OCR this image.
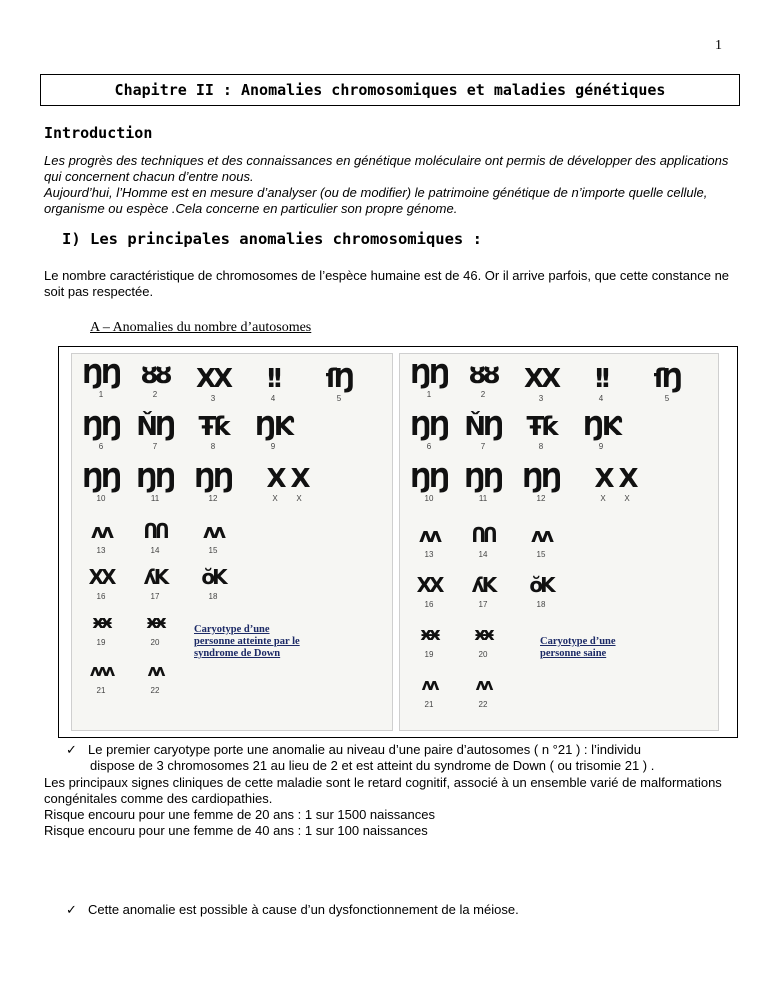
1
Chapitre II : Anomalies chromosomiques et maladies génétiques
Introduction

Les progrès des techniques et des connaissances en génétique moléculaire ont permis de développer des applications qui concernent chacun d’entre nous.

Aujourd’hui, l’Homme est en mesure d’analyser (ou de modifier) le patrimoine génétique de n’importe quelle cellule, organisme ou espèce .Cela concerne en particulier son propre génome.

I) Les principales anomalies chromosomiques :
Le nombre caractéristique de chromosomes de l’espèce humaine est de 46. Or il arrive parfois, que cette constance ne soit pas respectée.
A – Anomalies du nombre d’autosomes
ŊŊ
1
ȣȣ
2
XX
3
ǃǃ
4
ſŊ
5
ŊŊ
6
ŇŊ
7
Ŧƙ
8
ŊƘ
9
ŊŊ
10
ŊŊ
11
ŊŊ
12
X
X
X
X
ʌʌ
13
ՈՈ
14
ʌʌ
15
XX
16
ʎK
17
ŏK
18
ӿӿ
19
ӿӿ
20
Caryotype d’une
personne atteinte par le
syndrome de Down
ʌʌʌ
21
ʌʌ
22
ŊŊ
1
ȣȣ
2
XX
3
ǃǃ
4
ſŊ
5
ŊŊ
6
ŇŊ
7
Ŧƙ
8
ŊƘ
9
ŊŊ
10
ŊŊ
11
ŊŊ
12
X
X
X
X
ʌʌ
13
ՈՈ
14
ʌʌ
15
XX
16
ʎK
17
ŏK
18
ӿӿ
19
ӿӿ
20
Caryotype d’une
personne saine
ʌʌ
21
ʌʌ
22
✓ Le premier caryotype porte une anomalie au niveau d’une paire d’autosomes ( n °21 ) : l’individu
dispose de 3 chromosomes 21 au lieu de 2 et est atteint du syndrome de Down ( ou trisomie 21 ) .

Les principaux signes cliniques de cette maladie sont le retard cognitif, associé à un ensemble varié de malformations congénitales comme des cardiopathies.

Risque encouru pour une femme de 20 ans : 1 sur 1500 naissances

Risque encouru pour une femme de 40 ans : 1 sur 100 naissances

✓ Cette anomalie est possible à cause d’un dysfonctionnement de la méiose.
